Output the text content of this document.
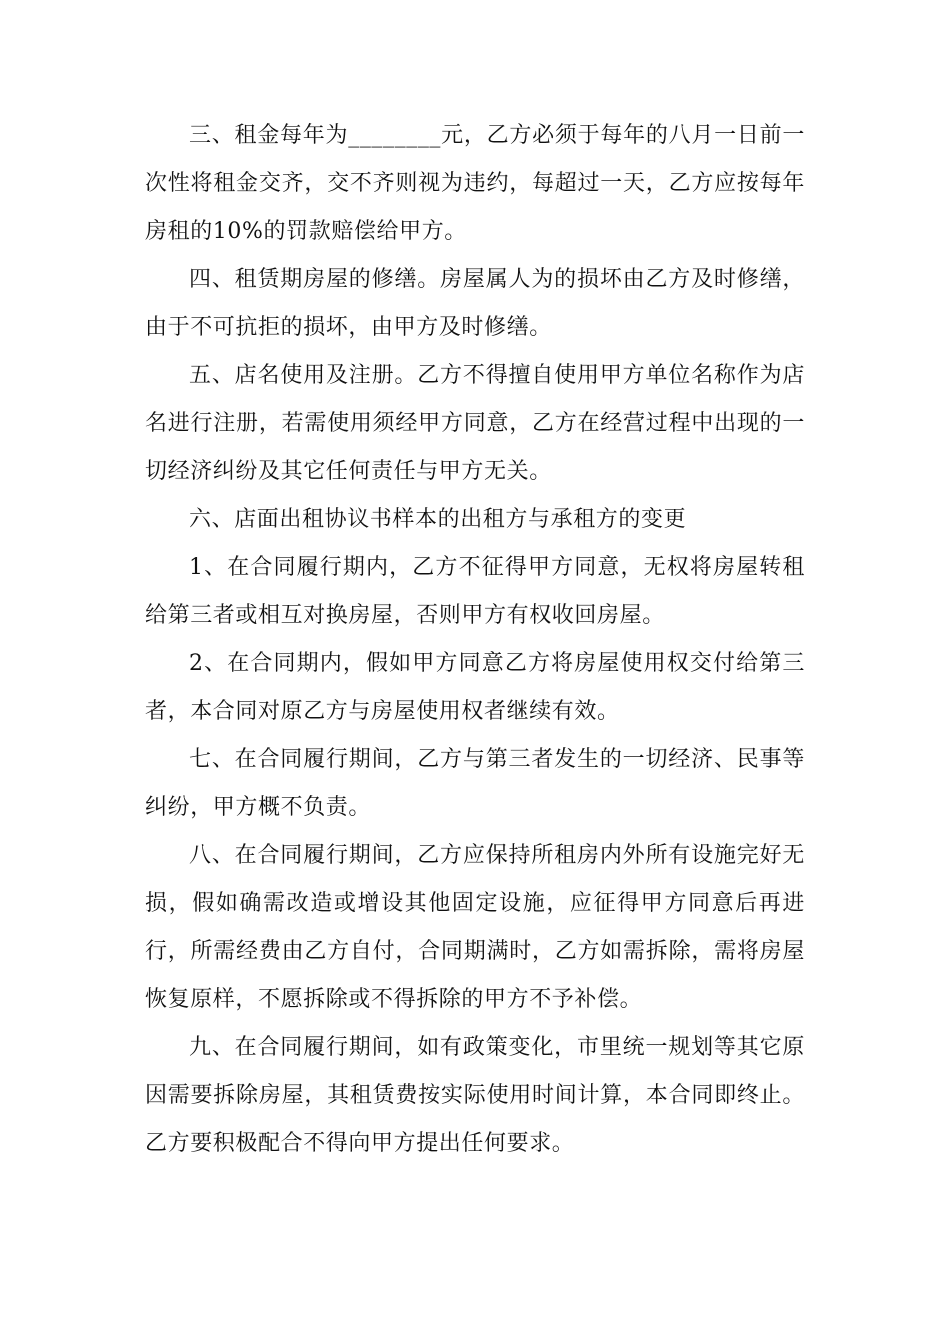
三、租金每年为________元，乙方必须于每年的八月一日前一次性将租金交齐，交不齐则视为违约，每超过一天，乙方应按每年房租的10%的罚款赔偿给甲方。

四、租赁期房屋的修缮。房屋属人为的损坏由乙方及时修缮，由于不可抗拒的损坏，由甲方及时修缮。

五、店名使用及注册。乙方不得擅自使用甲方单位名称作为店名进行注册，若需使用须经甲方同意，乙方在经营过程中出现的一切经济纠纷及其它任何责任与甲方无关。

六、店面出租协议书样本的出租方与承租方的变更

1、在合同履行期内，乙方不征得甲方同意，无权将房屋转租给第三者或相互对换房屋，否则甲方有权收回房屋。

2、在合同期内，假如甲方同意乙方将房屋使用权交付给第三者，本合同对原乙方与房屋使用权者继续有效。

七、在合同履行期间，乙方与第三者发生的一切经济、民事等纠纷，甲方概不负责。

八、在合同履行期间，乙方应保持所租房内外所有设施完好无损，假如确需改造或增设其他固定设施，应征得甲方同意后再进行，所需经费由乙方自付，合同期满时，乙方如需拆除，需将房屋恢复原样，不愿拆除或不得拆除的甲方不予补偿。

九、在合同履行期间，如有政策变化，市里统一规划等其它原因需要拆除房屋，其租赁费按实际使用时间计算，本合同即终止。乙方要积极配合不得向甲方提出任何要求。
